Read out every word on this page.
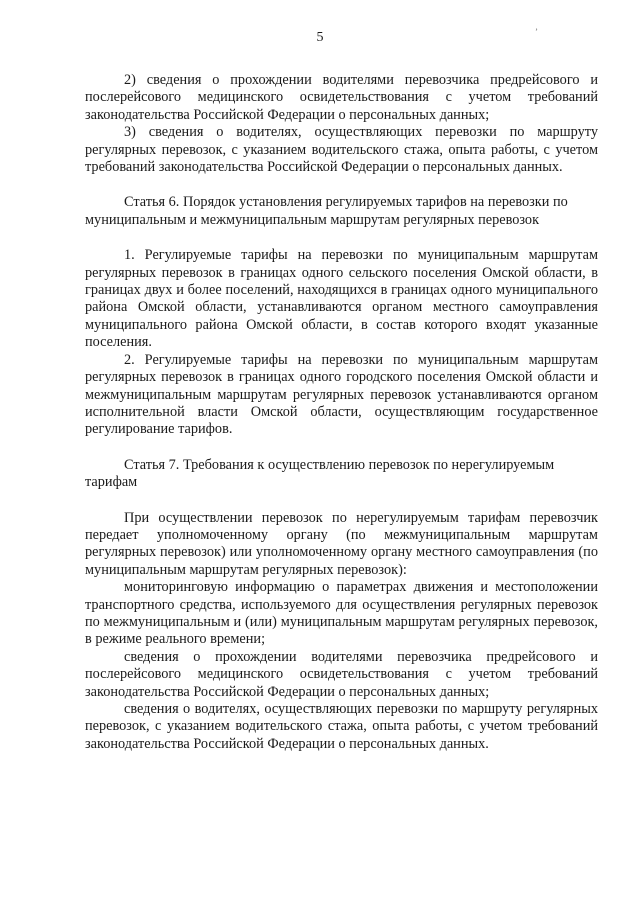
5	’

2) сведения о прохождении водителями перевозчика предрейсового и послерейсового медицинского освидетельствования с учетом требований законодательства Российской Федерации о персональных данных;

3) сведения о водителях, осуществляющих перевозки по маршруту регулярных перевозок, с указанием водительского стажа, опыта работы, с учетом требований законодательства Российской Федерации о персональных данных.

Статья 6. Порядок установления регулируемых тарифов на перевозки по муниципальным и межмуниципальным маршрутам регулярных перевозок

1. Регулируемые тарифы на перевозки по муниципальным маршрутам регулярных перевозок в границах одного сельского поселения Омской области, в границах двух и более поселений, находящихся в границах одного муниципального района Омской области, устанавливаются органом местного самоуправления муниципального района Омской области, в состав которого входят указанные поселения.

2. Регулируемые тарифы на перевозки по муниципальным маршрутам регулярных перевозок в границах одного городского поселения Омской области и межмуниципальным маршрутам регулярных перевозок устанавливаются органом исполнительной власти Омской области, осуществляющим государственное регулирование тарифов.

Статья 7. Требования к осуществлению перевозок по нерегулируемым тарифам

При осуществлении перевозок по нерегулируемым тарифам перевозчик передает уполномоченному органу (по межмуниципальным маршрутам регулярных перевозок) или уполномоченному органу местного самоуправления (по муниципальным маршрутам регулярных перевозок):

мониторинговую информацию о параметрах движения и местоположении транспортного средства, используемого для осуществления регулярных перевозок по межмуниципальным и (или) муниципальным маршрутам регулярных перевозок, в режиме реального времени;

сведения о прохождении водителями перевозчика предрейсового и послерейсового медицинского освидетельствования с учетом требований законодательства Российской Федерации о персональных данных;

сведения о водителях, осуществляющих перевозки по маршруту регулярных перевозок, с указанием водительского стажа, опыта работы, с учетом требований законодательства Российской Федерации о персональных данных.
